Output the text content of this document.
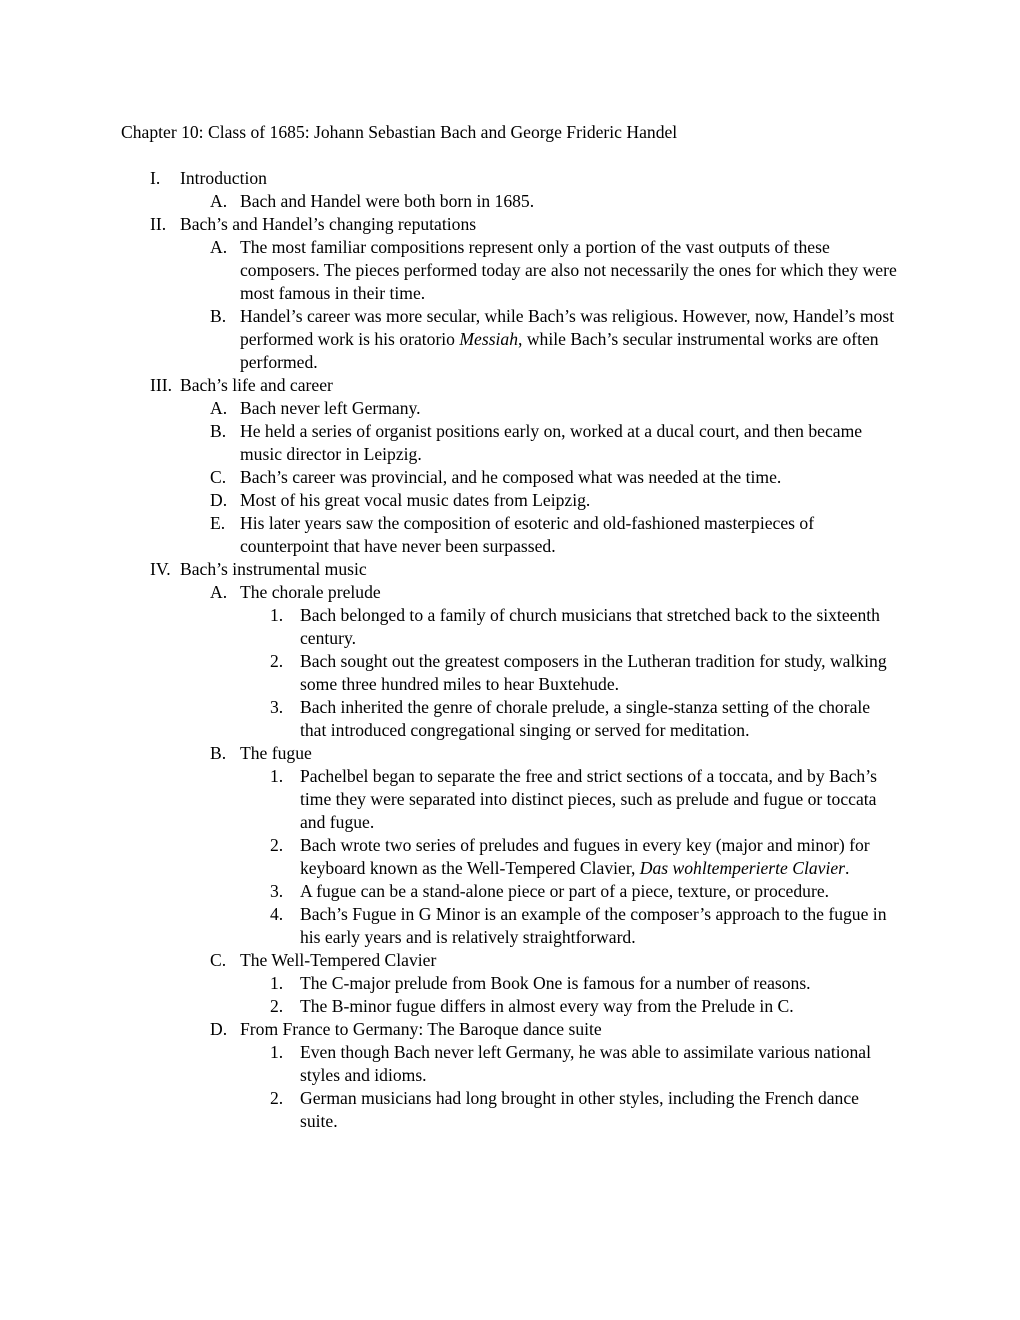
Chapter 10: Class of 1685: Johann Sebastian Bach and George Frideric Handel
I.	Introduction
A. Bach and Handel were both born in 1685.
II. Bach’s and Handel’s changing reputations
A. The most familiar compositions represent only a portion of the vast outputs of these composers. The pieces performed today are also not necessarily the ones for which they were most famous in their time.
B. Handel’s career was more secular, while Bach’s was religious. However, now, Handel’s most performed work is his oratorio Messiah, while Bach’s secular instrumental works are often performed.
III. Bach’s life and career
A. Bach never left Germany.
B. He held a series of organist positions early on, worked at a ducal court, and then became music director in Leipzig.
C. Bach’s career was provincial, and he composed what was needed at the time.
D. Most of his great vocal music dates from Leipzig.
E. His later years saw the composition of esoteric and old-fashioned masterpieces of counterpoint that have never been surpassed.
IV. Bach’s instrumental music
A. The chorale prelude
1. Bach belonged to a family of church musicians that stretched back to the sixteenth century.
2. Bach sought out the greatest composers in the Lutheran tradition for study, walking some three hundred miles to hear Buxtehude.
3. Bach inherited the genre of chorale prelude, a single-stanza setting of the chorale that introduced congregational singing or served for meditation.
B. The fugue
1. Pachelbel began to separate the free and strict sections of a toccata, and by Bach’s time they were separated into distinct pieces, such as prelude and fugue or toccata and fugue.
2. Bach wrote two series of preludes and fugues in every key (major and minor) for keyboard known as the Well-Tempered Clavier, Das wohltemperierte Clavier.
3. A fugue can be a stand-alone piece or part of a piece, texture, or procedure.
4. Bach’s Fugue in G Minor is an example of the composer’s approach to the fugue in his early years and is relatively straightforward.
C. The Well-Tempered Clavier
1. The C-major prelude from Book One is famous for a number of reasons.
2. The B-minor fugue differs in almost every way from the Prelude in C.
D. From France to Germany: The Baroque dance suite
1. Even though Bach never left Germany, he was able to assimilate various national styles and idioms.
2. German musicians had long brought in other styles, including the French dance suite.
